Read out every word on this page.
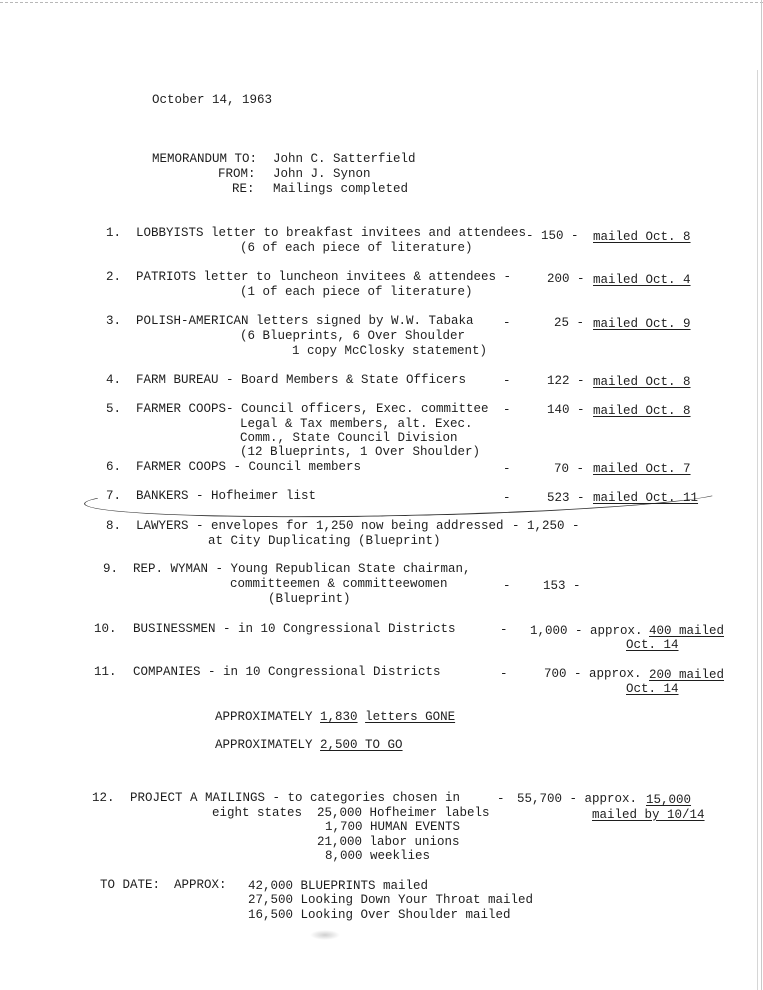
October 14, 1963
MEMORANDUM TO: John C. Satterfield
FROM: John J. Synon
RE: Mailings completed
1. LOBBYISTS letter to breakfast invitees and attendees
(6 of each piece of literature)
- 150 - mailed Oct. 8
2. PATRIOTS letter to luncheon invitees & attendees -
(1 of each piece of literature)
200 - mailed Oct. 4
3. POLISH-AMERICAN letters signed by W.W. Tabaka
(6 Blueprints, 6 Over Shoulder
1 copy McClosky statement)
-	25 - mailed Oct. 9
4. FARM BUREAU - Board Members & State Officers	-	122 - mailed Oct. 8
5. FARMER COOPS- Council officers, Exec. committee
Legal & Tax members, alt. Exec.
Comm., State Council Division
(12 Blueprints, 1 Over Shoulder)
-	140 - mailed Oct. 8
6. FARMER COOPS - Council members	-	70 - mailed Oct. 7
7. BANKERS - Hofheimer list	-	523 - mailed Oct. 11
8. LAWYERS - envelopes for 1,250 now being addressed
at City Duplicating (Blueprint)
- 1,250 -
9. REP. WYMAN - Young Republican State chairman,
committeemen & committeewomen
(Blueprint)
-	153 -
10. BUSINESSMEN - in 10 Congressional Districts	- 1,000 - approx. 400 mailed
Oct. 14
11. COMPANIES - in 10 Congressional Districts	-	700 - approx. 200 mailed
Oct. 14
APPROXIMATELY 1,830 letters GONE
APPROXIMATELY 2,500 TO GO
12. PROJECT A MAILINGS - to categories chosen in
eight states 25,000 Hofheimer labels
1,700 HUMAN EVENTS
21,000 labor unions
8,000 weeklies
- 55,700 - approx. 15,000
mailed by 10/14
TO DATE: APPROX: 42,000 BLUEPRINTS mailed
27,500 Looking Down Your Throat mailed
16,500 Looking Over Shoulder mailed
